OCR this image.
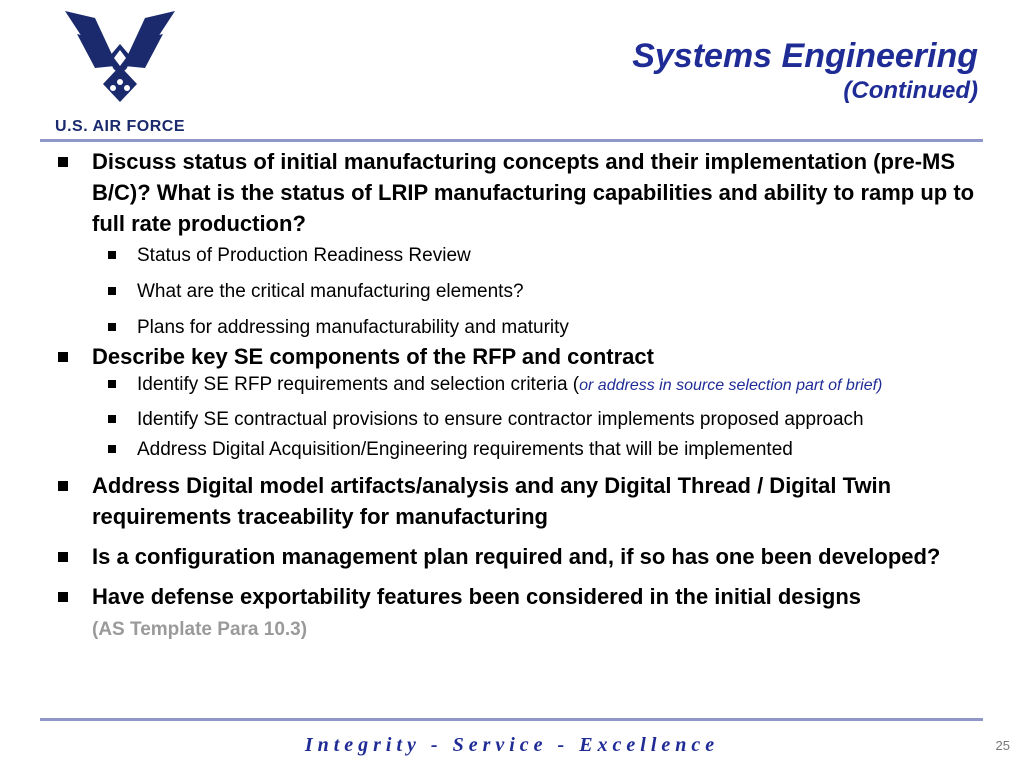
U.S. AIR FORCE
Systems Engineering
(Continued)
Discuss status of initial manufacturing concepts and their implementation (pre-MS B/C)? What is the status of LRIP manufacturing capabilities and ability to ramp up to full rate production?
Status of Production Readiness Review
What are the critical manufacturing elements?
Plans for addressing manufacturability and maturity
Describe key SE components of the RFP and contract
Identify SE RFP requirements and selection criteria (or address in source selection part of brief)
Identify SE contractual provisions to ensure contractor implements proposed approach
Address Digital Acquisition/Engineering requirements that will be implemented
Address Digital model artifacts/analysis and any Digital Thread / Digital Twin requirements traceability for manufacturing
Is a configuration management plan required and, if so has one been developed?
Have defense exportability features been considered in the initial designs
(AS Template Para 10.3)
Integrity - Service - Excellence	25
